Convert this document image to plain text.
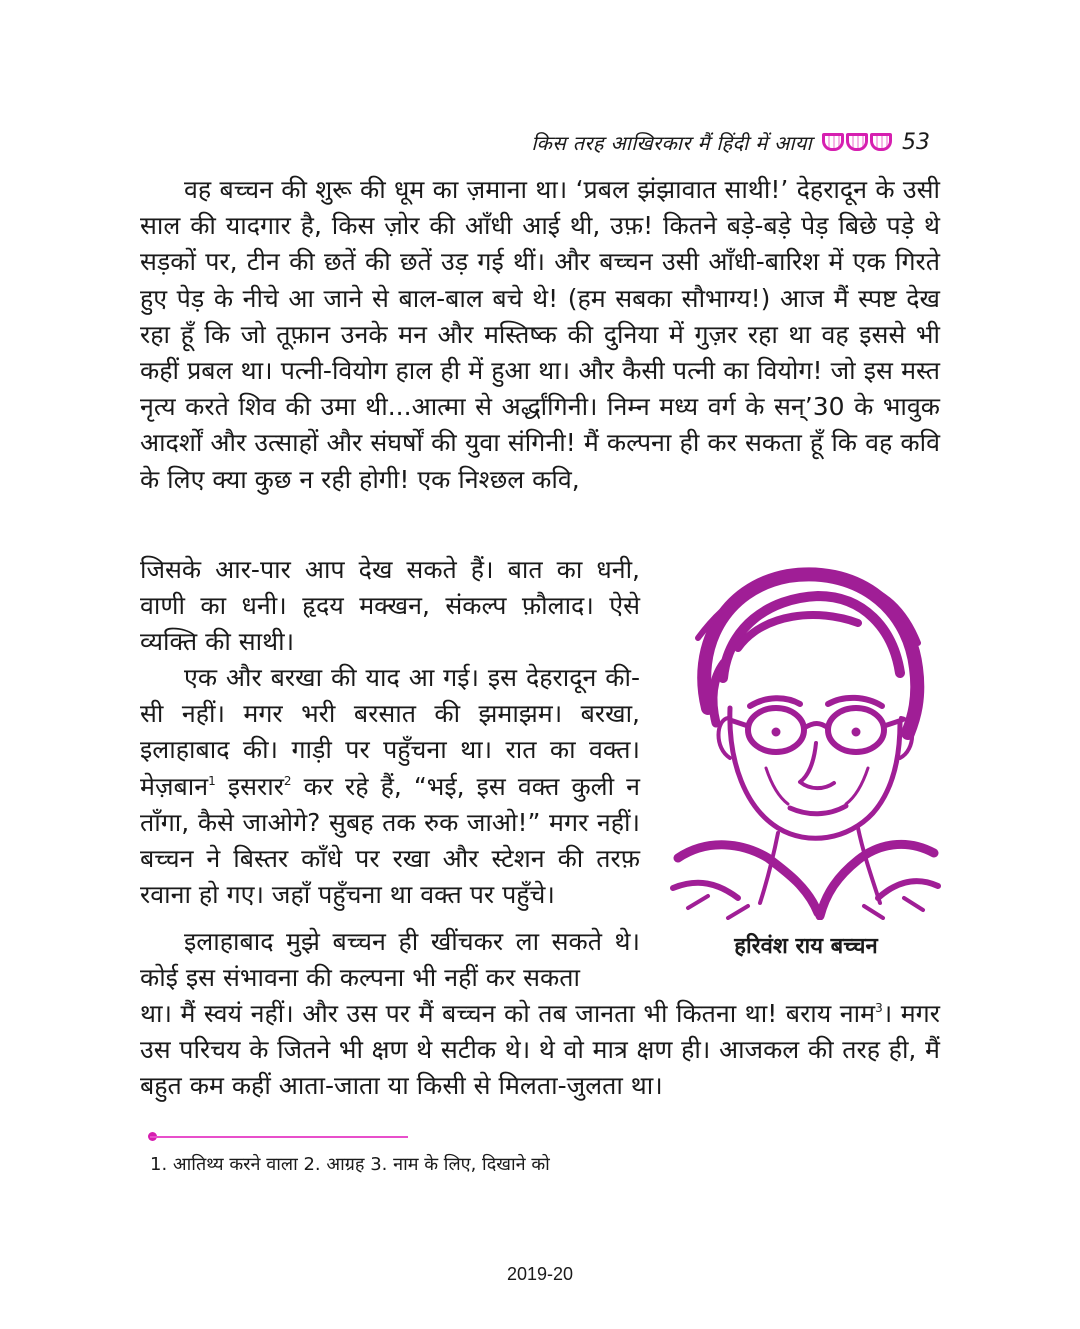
किस तरह आखिरकार मैं हिंदी में आया	53

वह बच्चन की शुरू की धूम का ज़माना था। ‘प्रबल झंझावात साथी!’ देहरादून के उसी साल की यादगार है, किस ज़ोर की आँधी आई थी, उफ़! कितने बड़े-बड़े पेड़ बिछे पड़े थे सड़कों पर, टीन की छतें की छतें उड़ गई थीं। और बच्चन उसी आँधी-बारिश में एक गिरते हुए पेड़ के नीचे आ जाने से बाल-बाल बचे थे! (हम सबका सौभाग्य!) आज मैं स्पष्ट देख रहा हूँ कि जो तूफ़ान उनके मन और मस्तिष्क की दुनिया में गुज़र रहा था वह इससे भी कहीं प्रबल था। पत्नी-वियोग हाल ही में हुआ था। और कैसी पत्नी का वियोग! जो इस मस्त नृत्य करते शिव की उमा थी...आत्मा से अर्द्धांगिनी। निम्न मध्य वर्ग के सन्’30 के भावुक आदर्शों और उत्साहों और संघर्षों की युवा संगिनी! मैं कल्पना ही कर सकता हूँ कि वह कवि के लिए क्या कुछ न रही होगी! एक निश्छल कवि,

जिसके आर-पार आप देख सकते हैं। बात का धनी, वाणी का धनी। हृदय मक्खन, संकल्प फ़ौलाद। ऐसे व्यक्ति की साथी।

एक और बरखा की याद आ गई। इस देहरादून की-सी नहीं। मगर भरी बरसात की झमाझम। बरखा, इलाहाबाद की। गाड़ी पर पहुँचना था। रात का वक्त। मेज़बान$^1$ इसरार$^2$ कर रहे हैं, “भई, इस वक्त कुली न ताँगा, कैसे जाओगे? सुबह तक रुक जाओ!” मगर नहीं। बच्चन ने बिस्तर काँधे पर रखा और स्टेशन की तरफ़ रवाना हो गए। जहाँ पहुँचना था वक्त पर पहुँचे।

इलाहाबाद मुझे बच्चन ही खींचकर ला सकते थे। कोई इस संभावना की कल्पना भी नहीं कर सकता

था। मैं स्वयं नहीं। और उस पर मैं बच्चन को तब जानता भी कितना था! बराय नाम$^3$। मगर उस परिचय के जितने भी क्षण थे सटीक थे। थे वो मात्र क्षण ही। आजकल की तरह ही, मैं बहुत कम कहीं आता-जाता या किसी से मिलता-जुलता था।

हरिवंश राय बच्चन
1. आतिथ्य करने वाला 2. आग्रह 3. नाम के लिए, दिखाने को
2019-20
